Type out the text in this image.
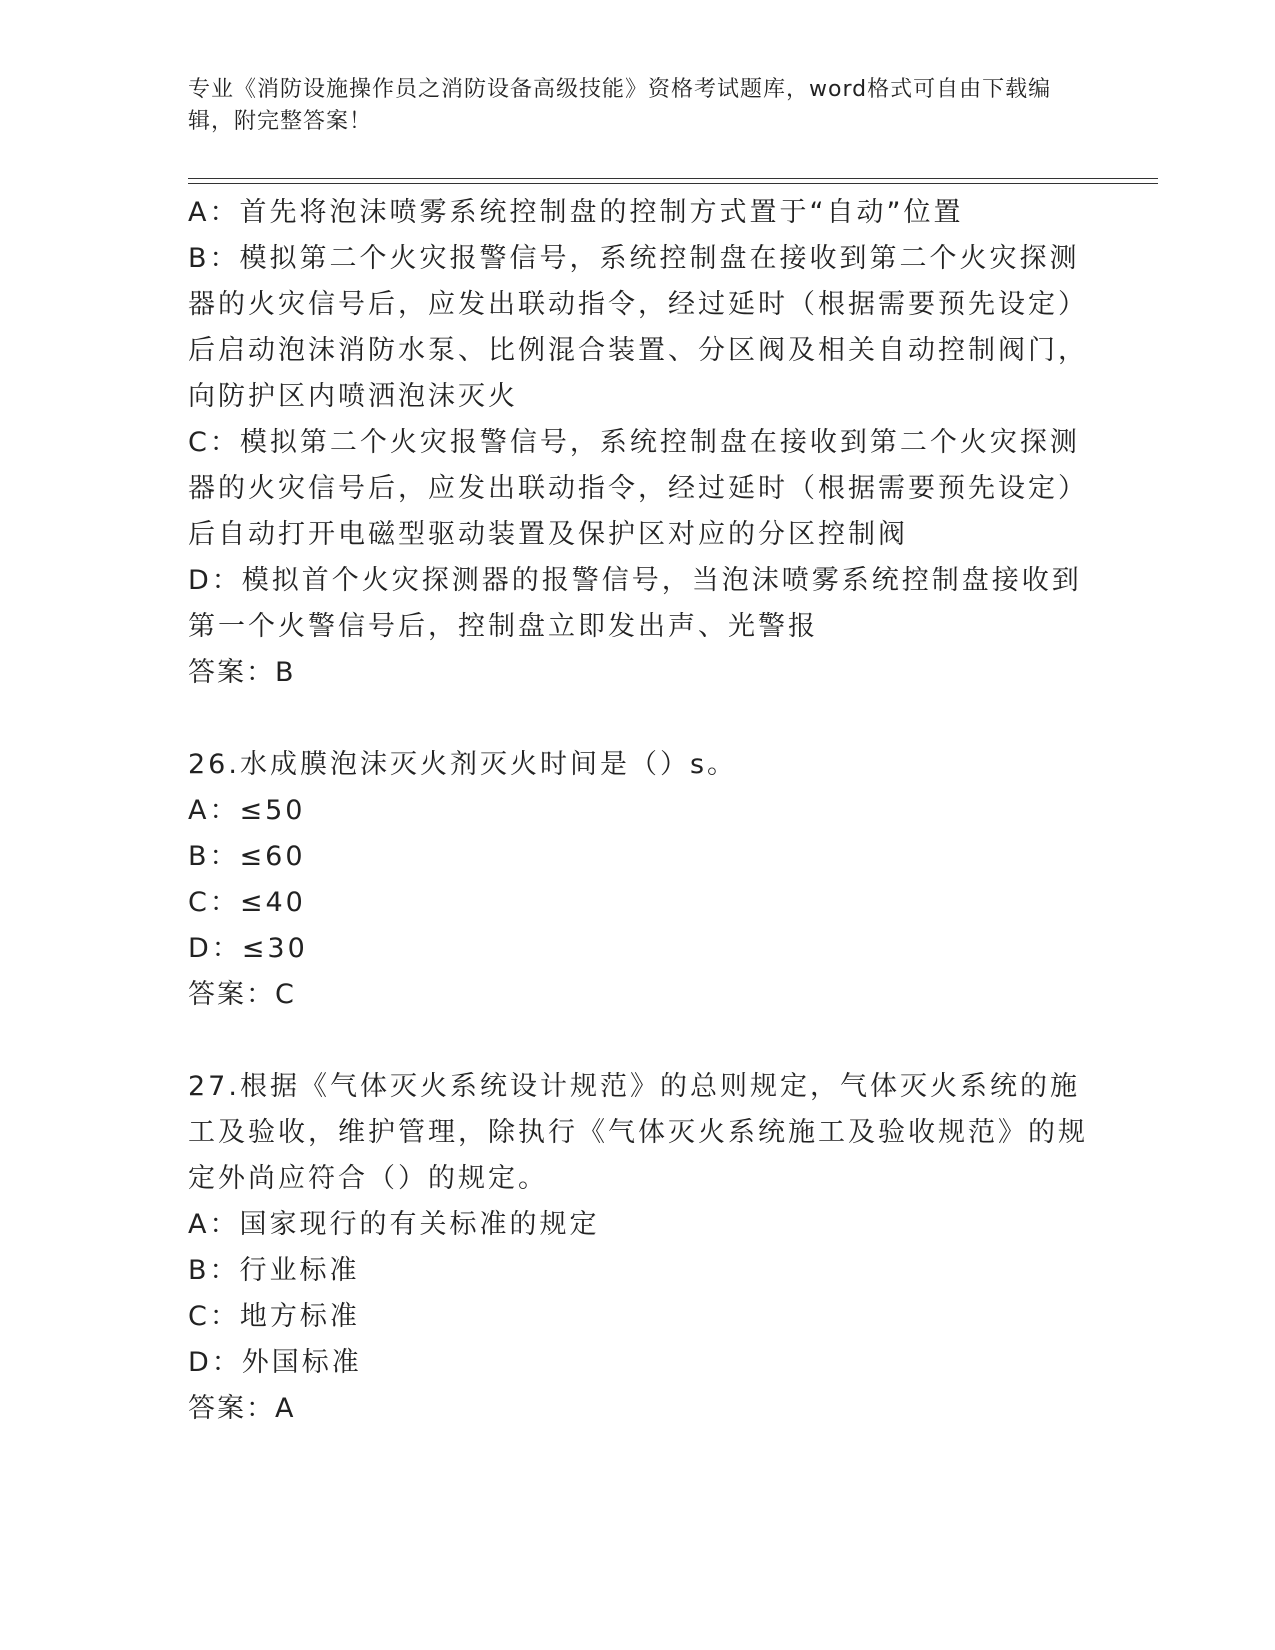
专业《消防设施操作员之消防设备高级技能》资格考试题库，word格式可自由下载编辑，附完整答案！

A：首先将泡沫喷雾系统控制盘的控制方式置于“自动”位置

B：模拟第二个火灾报警信号，系统控制盘在接收到第二个火灾探测器的火灾信号后，应发出联动指令，经过延时（根据需要预先设定）后启动泡沫消防水泵、比例混合装置、分区阀及相关自动控制阀门，向防护区内喷洒泡沫灭火

C：模拟第二个火灾报警信号，系统控制盘在接收到第二个火灾探测器的火灾信号后，应发出联动指令，经过延时（根据需要预先设定）后自动打开电磁型驱动装置及保护区对应的分区控制阀

D：模拟首个火灾探测器的报警信号，当泡沫喷雾系统控制盘接收到第一个火警信号后，控制盘立即发出声、光警报

答案：B

26.水成膜泡沫灭火剂灭火时间是（）s。

A：≤50

B：≤60

C：≤40

D：≤30

答案：C

27.根据《气体灭火系统设计规范》的总则规定，气体灭火系统的施工及验收，维护管理，除执行《气体灭火系统施工及验收规范》的规定外尚应符合（）的规定。

A：国家现行的有关标准的规定

B：行业标准

C：地方标准

D：外国标准

答案：A
